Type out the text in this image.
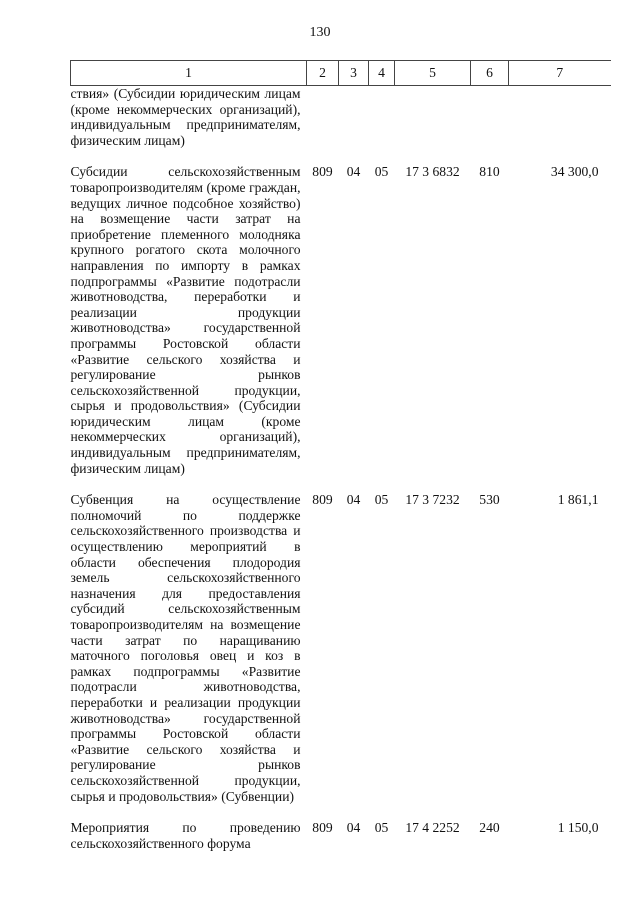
130
1	2	3	4	5	6	7
ствия» (Субсидии юридическим лицам (кроме некоммерческих организаций), индивидуальным предпринимателям, физическим лицам)						
Субсидии сельскохозяйственным товаропроизводителям (кроме граждан, ведущих личное подсобное хозяйство) на возмещение части затрат на приобретение племенного молодняка крупного рогатого скота молочного направления по импорту в рамках подпрограммы «Развитие подотрасли животноводства, переработки и реализации продукции животноводства» государственной программы Ростовской области «Развитие сельского хозяйства и регулирование рынков сельскохозяйственной продукции, сырья и продовольствия» (Субсидии юридическим лицам (кроме некоммерческих организаций), индивидуальным предпринимателям, физическим лицам)	809	04	05	17 3 6832	810	34 300,0
Субвенция на осуществление полномочий по поддержке сельскохозяйственного производства и осуществлению мероприятий в области обеспечения плодородия земель сельскохозяйственного назначения для предоставления субсидий сельскохозяйственным товаропроизводителям на возмещение части затрат по наращиванию маточного поголовья овец и коз в рамках подпрограммы «Развитие подотрасли животноводства, переработки и реализации продукции животноводства» государственной программы Ростовской области «Развитие сельского хозяйства и регулирование рынков сельскохозяйственной продукции, сырья и продовольствия» (Субвенции)	809	04	05	17 3 7232	530	1 861,1
Мероприятия по проведению сельскохозяйственного форума	809	04	05	17 4 2252	240	1 150,0
